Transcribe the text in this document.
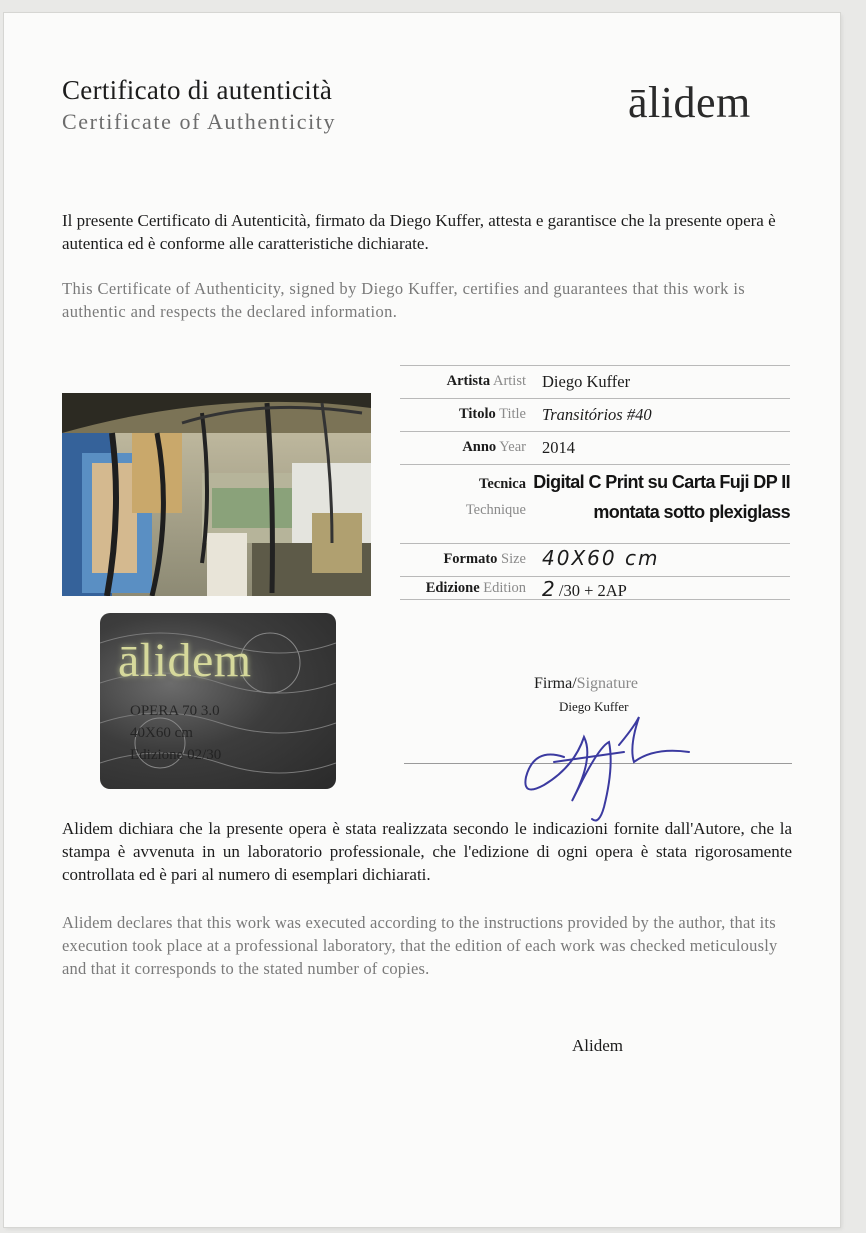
Certificato di autenticità
Certificate of Authenticity	ālidem
Il presente Certificato di Autenticità, firmato da Diego Kuffer, attesta e garantisce che la presente opera è autentica ed è conforme alle caratteristiche dichiarate.
This Certificate of Authenticity, signed by Diego Kuffer, certifies and guarantees that this work is authentic and respects the declared information.
ālidem
OPERA 70 3.0
40X60 cm
Edizione 02/30
Artista Artist Diego Kuffer
Titolo Title Transitórios #40
Anno Year 2014
Tecnica
Technique
Digital C Print su Carta Fuji DP II
montata sotto plexiglass
Formato Size 40X60 cm
Edizione Edition 2 /30 + 2AP
Firma/Signature
Diego Kuffer
Alidem dichiara che la presente opera è stata realizzata secondo le indicazioni fornite dall'Autore, che la stampa è avvenuta in un laboratorio professionale, che l'edizione di ogni opera è stata rigorosamente controllata ed è pari al numero di esemplari dichiarati.
Alidem declares that this work was executed according to the instructions provided by the author, that its execution took place at a professional laboratory, that the edition of each work was checked meticulously and that it corresponds to the stated number of copies.
Alidem
